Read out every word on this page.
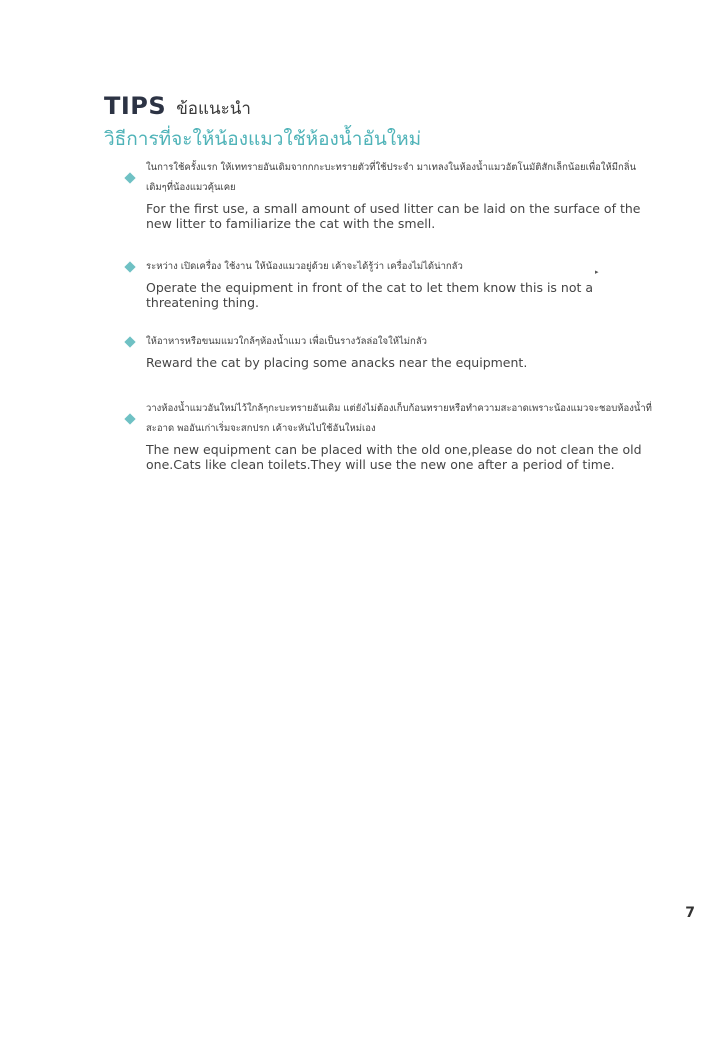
TIPS ข้อแนะนำ
วิธีการที่จะให้น้องแมวใช้ห้องน้ำอันใหม่
ในการใช้ครั้งแรก ให้เททรายอันเดิมจากกกะบะทรายตัวที่ใช้ประจำ มาเทลงในห้องน้ำแมวอัตโนมัติสักเล็กน้อยเพื่อให้มีกลิ่นเดิมๆที่น้องแมวคุ้นเคย
For the first use, a small amount of used litter can be laid on the surface of the new litter to familiarize the cat with the smell.
ระหว่าง เปิดเครื่อง ใช้งาน ให้น้องแมวอยู่ด้วย เค้าจะได้รู้ว่า เครื่องไม่ได้น่ากลัว
Operate the equipment in front of the cat to let them know this is not a threatening thing.
ให้อาหารหรือขนมแมวใกล้ๆห้องน้ำแมว เพื่อเป็นรางวัลล่อใจให้ไม่กลัว
Reward the cat by placing some anacks near the equipment.
วางห้องน้ำแมวอันใหม่ไว้ใกล้ๆกะบะทรายอันเดิม แต่ยังไม่ต้องเก็บก้อนทรายหรือทำความสะอาดเพราะน้องแมวจะชอบห้องน้ำที่สะอาด พออันเก่าเริ่มจะสกปรก เค้าจะหันไปใช้อันใหม่เอง
The new equipment can be placed with the old one,please do not clean the old one.Cats like clean toilets.They will use the new one after a period of time.
▸
7
